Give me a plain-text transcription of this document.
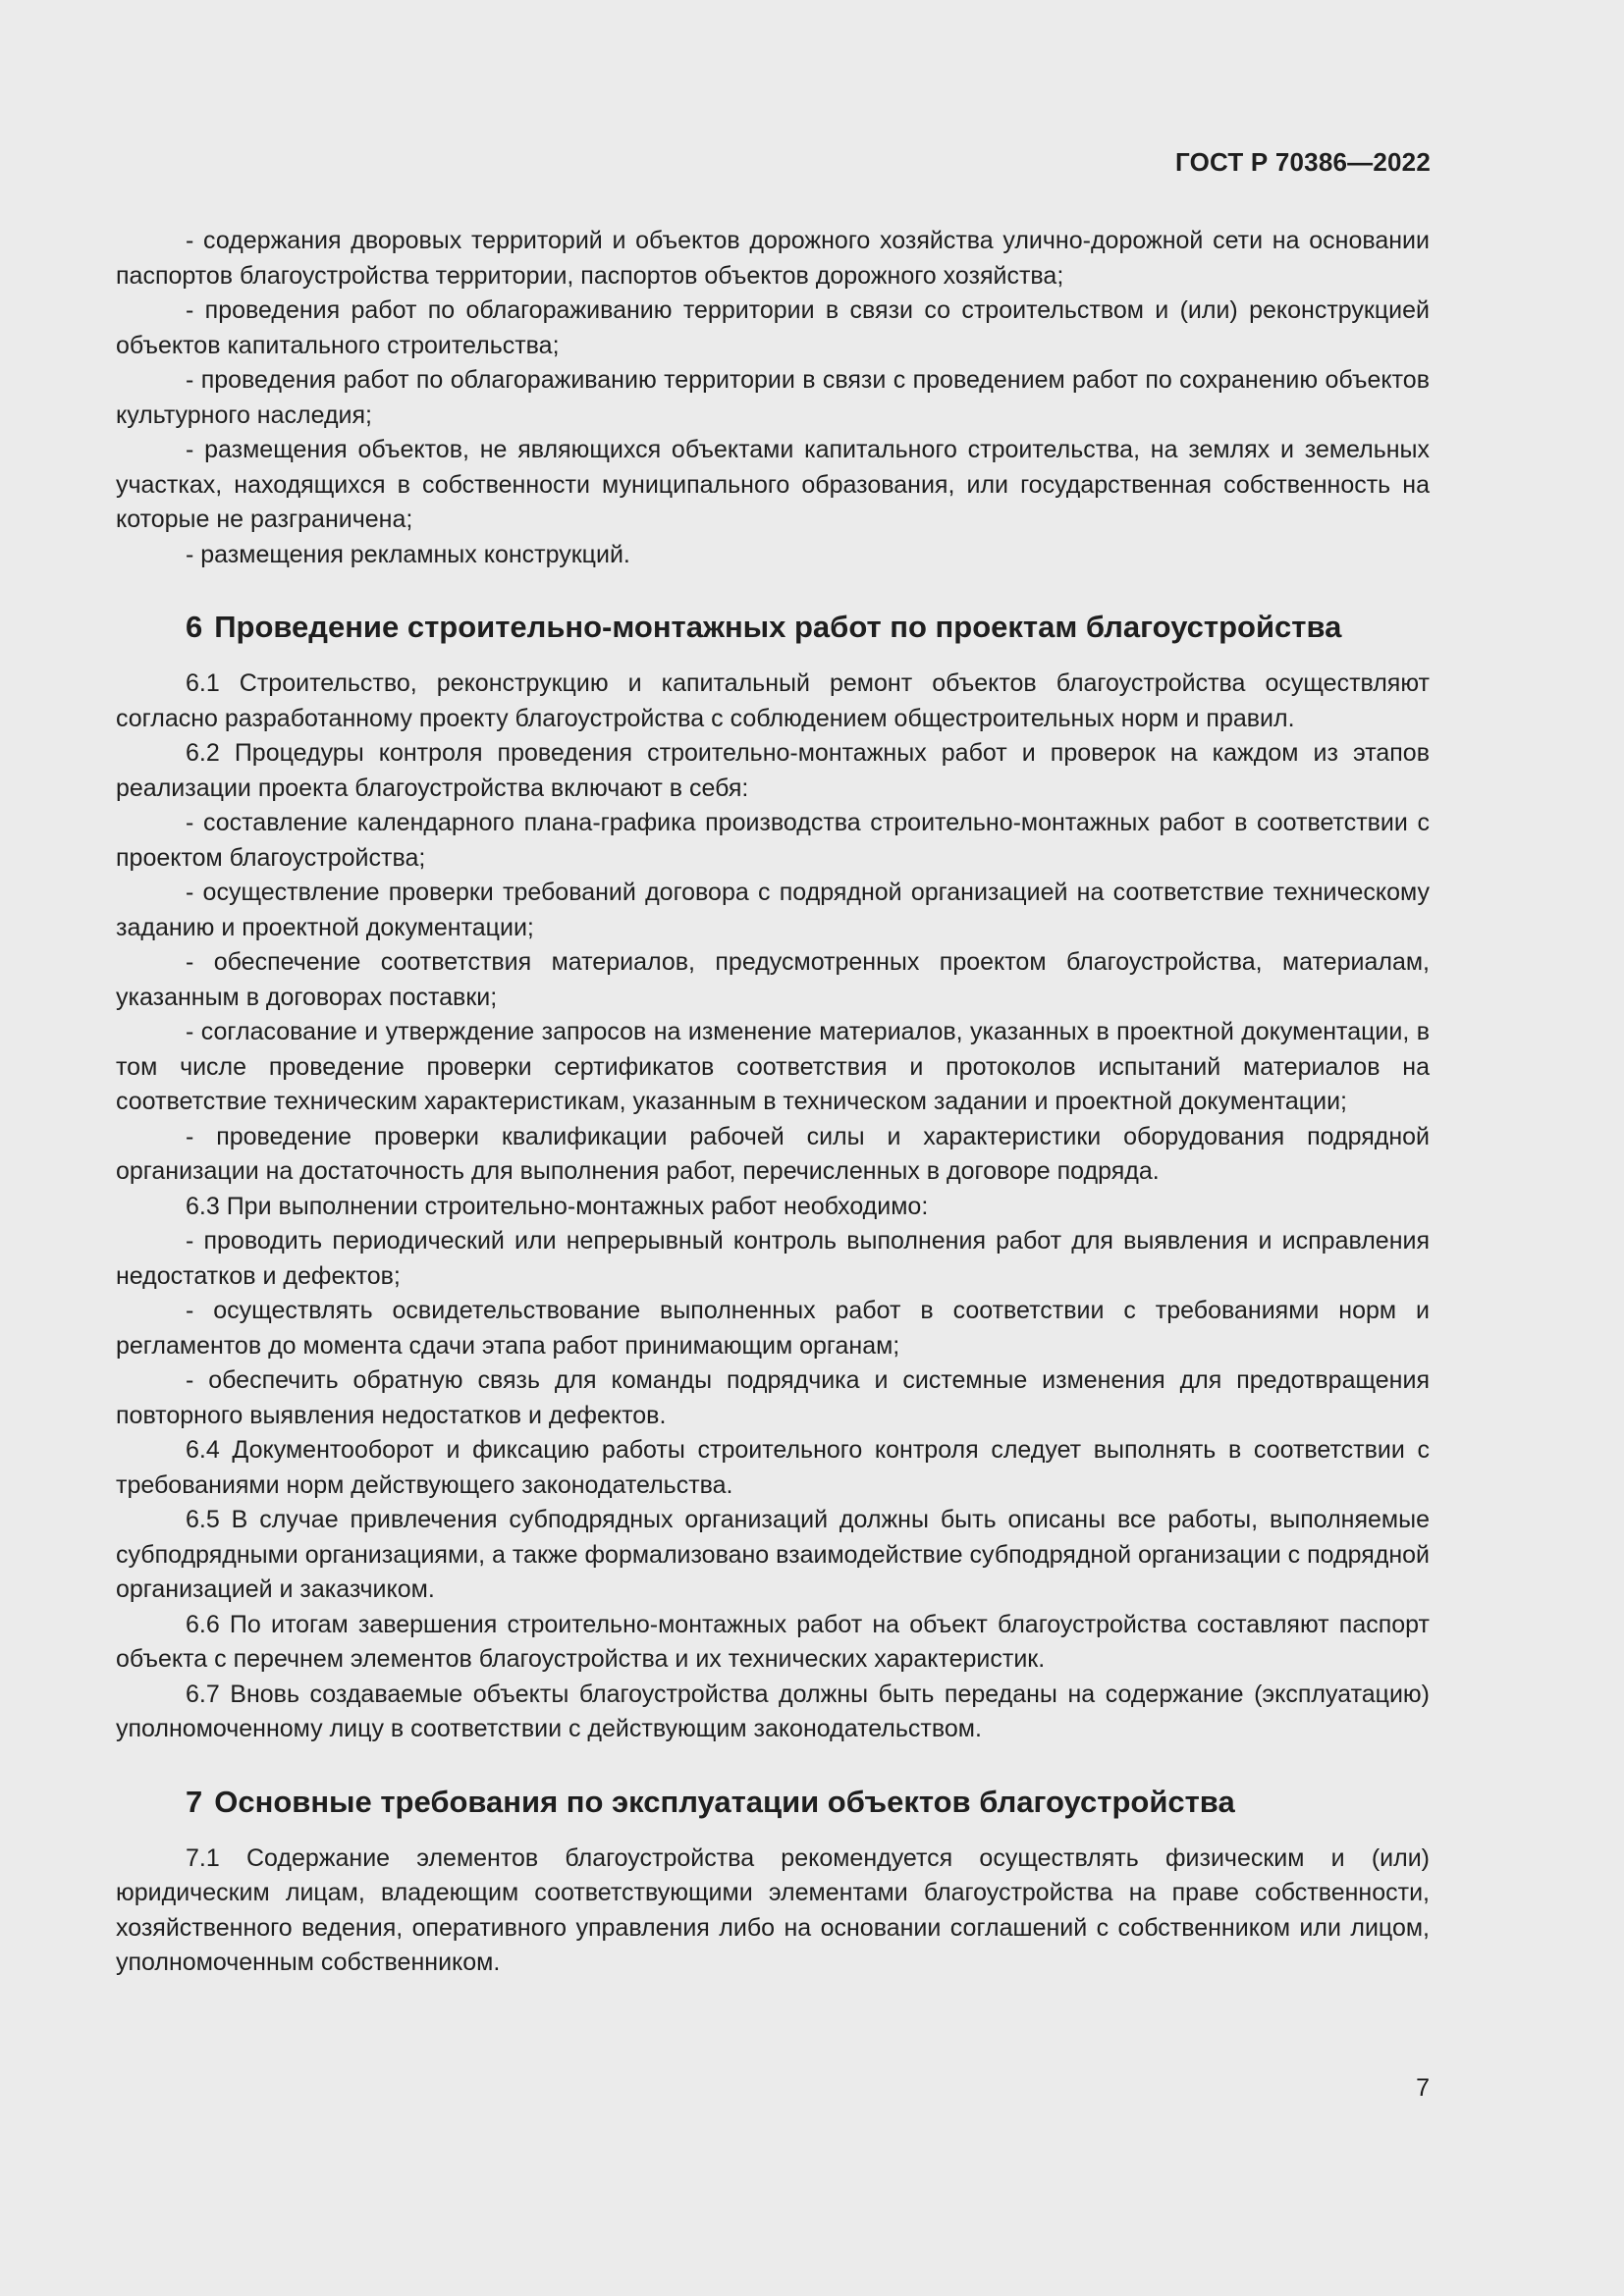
ГОСТ Р 70386—2022

- содержания дворовых территорий и объектов дорожного хозяйства улично-дорожной сети на основании паспортов благоустройства территории, паспортов объектов дорожного хозяйства;

- проведения работ по облагораживанию территории в связи со строительством и (или) реконструкцией объектов капитального строительства;

- проведения работ по облагораживанию территории в связи с проведением работ по сохранению объектов культурного наследия;

- размещения объектов, не являющихся объектами капитального строительства, на землях и земельных участках, находящихся в собственности муниципального образования, или государственная собственность на которые не разграничена;

- размещения рекламных конструкций.

6 Проведение строительно-монтажных работ по проектам благоустройства

6.1 Строительство, реконструкцию и капитальный ремонт объектов благоустройства осуществляют согласно разработанному проекту благоустройства с соблюдением общестроительных норм и правил.

6.2 Процедуры контроля проведения строительно-монтажных работ и проверок на каждом из этапов реализации проекта благоустройства включают в себя:

- составление календарного плана-графика производства строительно-монтажных работ в соответствии с проектом благоустройства;

- осуществление проверки требований договора с подрядной организацией на соответствие техническому заданию и проектной документации;

- обеспечение соответствия материалов, предусмотренных проектом благоустройства, материалам, указанным в договорах поставки;

- согласование и утверждение запросов на изменение материалов, указанных в проектной документации, в том числе проведение проверки сертификатов соответствия и протоколов испытаний материалов на соответствие техническим характеристикам, указанным в техническом задании и проектной документации;

- проведение проверки квалификации рабочей силы и характеристики оборудования подрядной организации на достаточность для выполнения работ, перечисленных в договоре подряда.

6.3 При выполнении строительно-монтажных работ необходимо:

- проводить периодический или непрерывный контроль выполнения работ для выявления и исправления недостатков и дефектов;

- осуществлять освидетельствование выполненных работ в соответствии с требованиями норм и регламентов до момента сдачи этапа работ принимающим органам;

- обеспечить обратную связь для команды подрядчика и системные изменения для предотвращения повторного выявления недостатков и дефектов.

6.4 Документооборот и фиксацию работы строительного контроля следует выполнять в соответствии с требованиями норм действующего законодательства.

6.5 В случае привлечения субподрядных организаций должны быть описаны все работы, выполняемые субподрядными организациями, а также формализовано взаимодействие субподрядной организации с подрядной организацией и заказчиком.

6.6 По итогам завершения строительно-монтажных работ на объект благоустройства составляют паспорт объекта с перечнем элементов благоустройства и их технических характеристик.

6.7 Вновь создаваемые объекты благоустройства должны быть переданы на содержание (эксплуатацию) уполномоченному лицу в соответствии с действующим законодательством.

7 Основные требования по эксплуатации объектов благоустройства

7.1 Содержание элементов благоустройства рекомендуется осуществлять физическим и (или) юридическим лицам, владеющим соответствующими элементами благоустройства на праве собственности, хозяйственного ведения, оперативного управления либо на основании соглашений с собственником или лицом, уполномоченным собственником.

7
